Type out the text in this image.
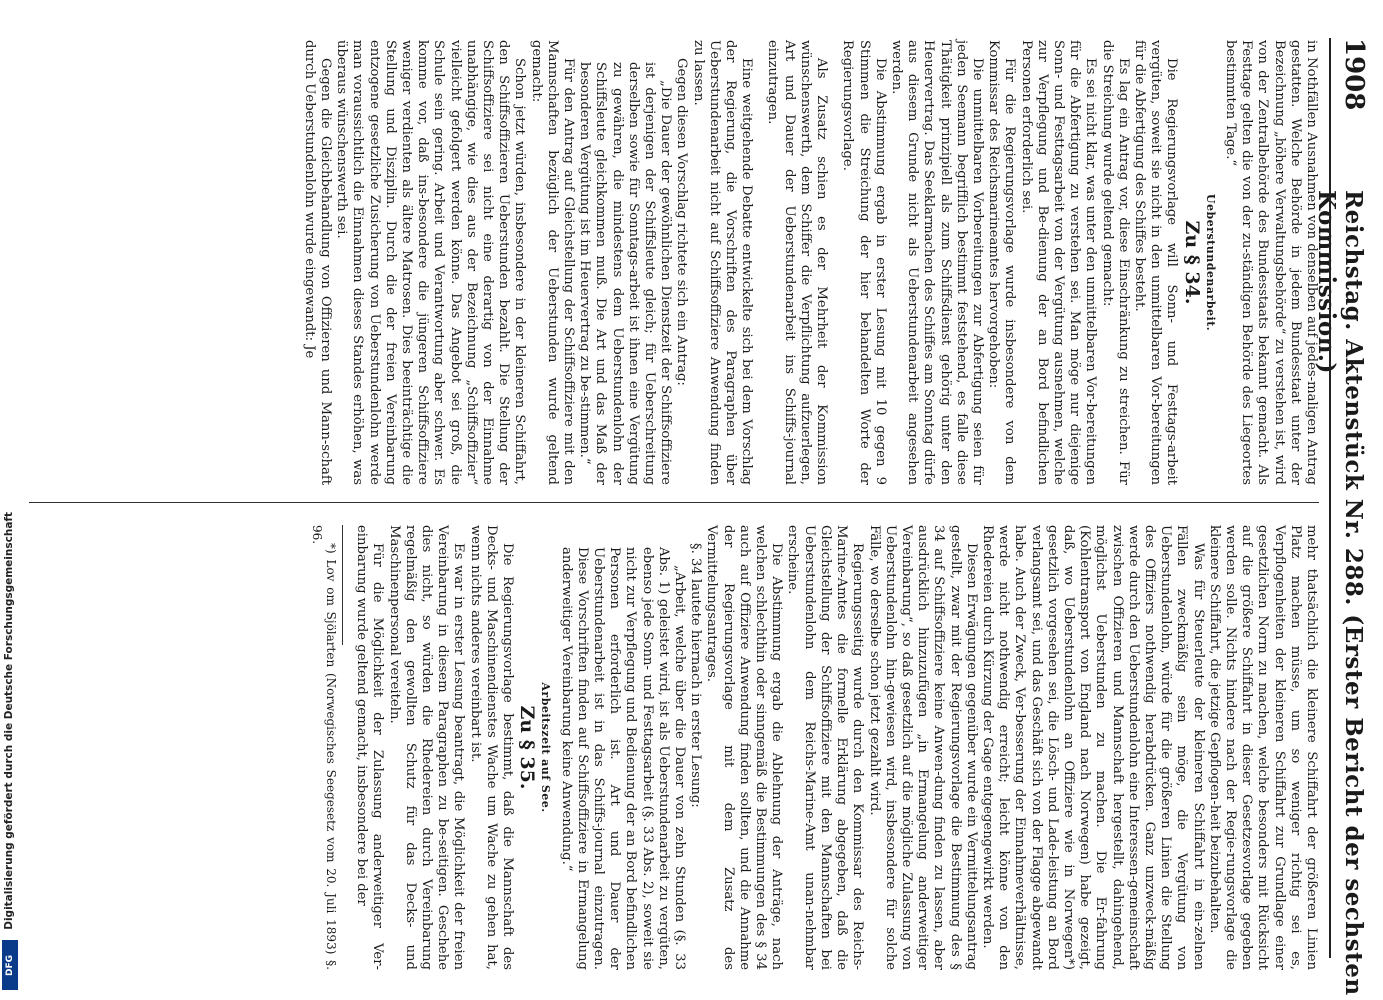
1908
Reichstag. Aktenstück Nr. 288. (Erster Bericht der sechsten Kommission.)

in Nothfällen Ausnahmen von denselben auf jedes-maligen Antrag gestatten. Welche Behörde in jedem Bundesstaat unter der Bezeichnung „höhere Verwaltungsbehörde“ zu verstehen ist, wird von der Zentralbehörde des Bundesstaats bekannt gemacht. Als Festtage gelten die von der zu-ständigen Behörde des Liegeortes bestimmten Tage.“

Ueberstundenarbeit.
Zu § 34.

Die Regierungsvorlage will Sonn- und Festtags-arbeit vergüten, soweit sie nicht in den unmittelbaren Vor-bereitungen für die Abfertigung des Schiffes besteht.

Es lag ein Antrag vor, diese Einschränkung zu streichen. Für die Streichung wurde geltend gemacht:

Es sei nicht klar, was unter den unmittelbaren Vor-bereitungen für die Abfertigung zu verstehen sei. Man möge nur diejenige Sonn- und Festtagsarbeit von der Vergütung ausnehmen, welche zur Verpflegung und Be-dienung der an Bord befindlichen Personen erforderlich sei.

Für die Regierungsvorlage wurde insbesondere von dem Kommissar des Reichsmarineamtes hervorgehoben:

Die unmittelbaren Vorbereitungen zur Abfertigung seien für jeden Seemann begrifflich bestimmt feststehend, es falle diese Thätigkeit prinzipiell als zum Schiffsdienst gehörig unter den Heuervertrag. Das Seeklarmachen des Schiffes am Sonntag dürfe aus diesem Grunde nicht als Ueberstundenarbeit angesehen werden.

Die Abstimmung ergab in erster Lesung mit 10 gegen 9 Stimmen die Streichung der hier behandelten Worte der Regierungsvorlage.

Als Zusatz schien es der Mehrheit der Kommission wünschenswerth, dem Schiffer die Verpflichtung aufzuerlegen, Art und Dauer der Ueberstundenarbeit ins Schiffs-journal einzutragen.

Eine weitgehende Debatte entwickelte sich bei dem Vorschlag der Regierung, die Vorschriften des Paragraphen über Ueberstundenarbeit nicht auf Schiffsoffiziere Anwendung finden zu lassen.

Gegen diesen Vorschlag richtete sich ein Antrag:

„Die Dauer der gewöhnlichen Dienstzeit der Schiffsoffiziere ist derjenigen der Schiffsleute gleich; für Ueberschreitung derselben sowie für Sonntags-arbeit ist ihnen eine Vergütung zu gewähren, die mindestens dem Ueberstundenlohn der Schiffsleute gleichkommen muß. Die Art und das Maß der besonderen Vergütung ist im Heuervertrag zu be-stimmen.“

Für den Antrag auf Gleichstellung der Schiffsoffiziere mit den Mannschaften bezüglich der Ueberstunden wurde geltend gemacht:

Schon jetzt würden, insbesondere in der kleineren Schiffahrt, den Schiffsoffizieren Ueberstunden bezahlt. Die Stellung der Schiffsoffiziere sei nicht eine derartig von der Einnahme unabhängige, wie dies aus der Bezeichnung „Schiffsoffizier“ vielleicht gefolgert werden könne. Das Angebot sei groß, die Schule sein gering. Arbeit und Verantwortung aber schwer. Es komme vor, daß ins-besondere die jüngeren Schiffsoffiziere weniger verdienten als ältere Matrosen. Dies beeinträchtige die Stellung und Disziplin. Durch die der freien Vereinbarung entzogene gesetzliche Zusicherung von Ueberstundenlohn werde man voraussichtlich die Einnahmen dieses Standes erhöhen, was überaus wünschenswerth sei.

Gegen die Gleichbehandlung von Offizieren und Mann-schaft durch Ueberstundenlohn wurde eingewandt: Je

mehr thatsächlich die kleinere Schiffahrt der größeren Linien Platz machen müsse, um so weniger richtig sei es, Verpflogenheiten der kleineren Schiffahrt zur Grundlage einer gesetzlichen Norm zu machen, welche besonders mit Rücksicht auf die größere Schiffahrt in dieser Gesetzesvorlage gegeben werden solle. Nichts hindere nach der Regie-rungsvorlage die kleinere Schiffahrt, die jetzige Gepflogen-heit beizubehalten.

Was für Steuerleute der kleineren Schiffahrt in ein-zelnen Fällen zweckmäßig sein möge, die Vergütung von Ueberstundenlohn, würde für die größeren Linien die Stellung des Offiziers nothwendig herabdrücken. Ganz unzweck-mäßig werde durch den Ueberstundenlohn eine Interessen-gemeinschaft zwischen Offizieren und Mannschaft hergestellt, dahingehend, möglichst Ueberstunden zu machen. Die Er-fahrung (Kohlentransport von England nach Norwegen) habe gezeigt, daß, wo Ueberstundenlohn an Offiziere wie in Norwegen*) gesetzlich vorgesehen sei, die Lösch- und Lade-leistung an Bord verlangsamt sei, und das Geschäft sich von der Flagge abgewandt habe. Auch der Zweck, Ver-besserung der Einnahmeverhältnisse, werde nicht nothwendig erreicht; leicht könne von den Rhedereien durch Kürzung der Gage entgegengewirkt werden.

Diesen Erwägungen gegenüber wurde ein Vermittelungsantrag gestellt, zwar mit der Regierungsvorlage die Bestimmung des § 34 auf Schiffsoffiziere keine Anwen-dung finden zu lassen, aber ausdrücklich hinzuzufügen „in Ermangelung anderweitiger Vereinbarung“, so daß gesetzlich auf die mögliche Zulassung von Ueberstundenlohn hin-gewiesen wird, insbesondere für solche Fälle, wo derselbe schon jetzt gezahlt wird.

Regierungsseitig wurde durch den Kommissar des Reichs-Marine-Amtes die formelle Erklärung abgegeben, daß die Gleichstellung der Schiffsoffiziere mit den Mannschaften bei Ueberstundenlohn dem Reichs-Marine-Amt unan-nehmbar erscheine.

Die Abstimmung ergab die Ablehnung der Anträge, nach welchen schlechthin oder sinngemäß die Bestimmungen des § 34 auch auf Offiziere Anwendung finden sollten, und die Annahme der Regierungsvorlage mit dem Zusatz des Vermittelungsantrages.

§. 34 lautete hiernach in erster Lesung:

„Arbeit, welche über die Dauer von zehn Stunden (§. 33 Abs. 1) geleistet wird, ist als Ueberstundenarbeit zu vergüten, ebenso jede Sonn- und Festtagsarbeit (§. 33 Abs. 2), soweit sie nicht zur Verpflegung und Bedienung der an Bord befindlichen Personen erforderlich ist. Art und Dauer der Ueberstundenarbeit ist in das Schiffs-journal einzutragen. Diese Vorschriften finden auf Schiffsoffiziere in Ermangelung anderweitiger Vereinbarung keine Anwendung.“

Arbeitszeit auf See.
Zu § 35.

Die Regierungsvorlage bestimmt, daß die Mannschaft des Decks- und Maschinendienstes Wache um Wache zu gehen hat, wenn nichts anderes vereinbart ist.

Es war in erster Lesung beantragt, die Möglichkeit der freien Vereinbarung in diesem Paragraphen zu be-seitigen. Geschehe dies nicht, so würden die Rhedereien durch Vereinbarung regelmäßig den gewollten Schutz für das Decks- und Maschinenpersonal vereiteln.

Für die Möglichkeit der Zulassung anderweitiger Ver-einbarung wurde geltend gemacht, insbesondere bei der

*) Lov om Sjölarten (Norwegisches Seegesetz vom 20. Juli 1893) §. 96.

Digitalisierung gefördert durch die Deutsche Forschungsgemeinschaft
DFG
